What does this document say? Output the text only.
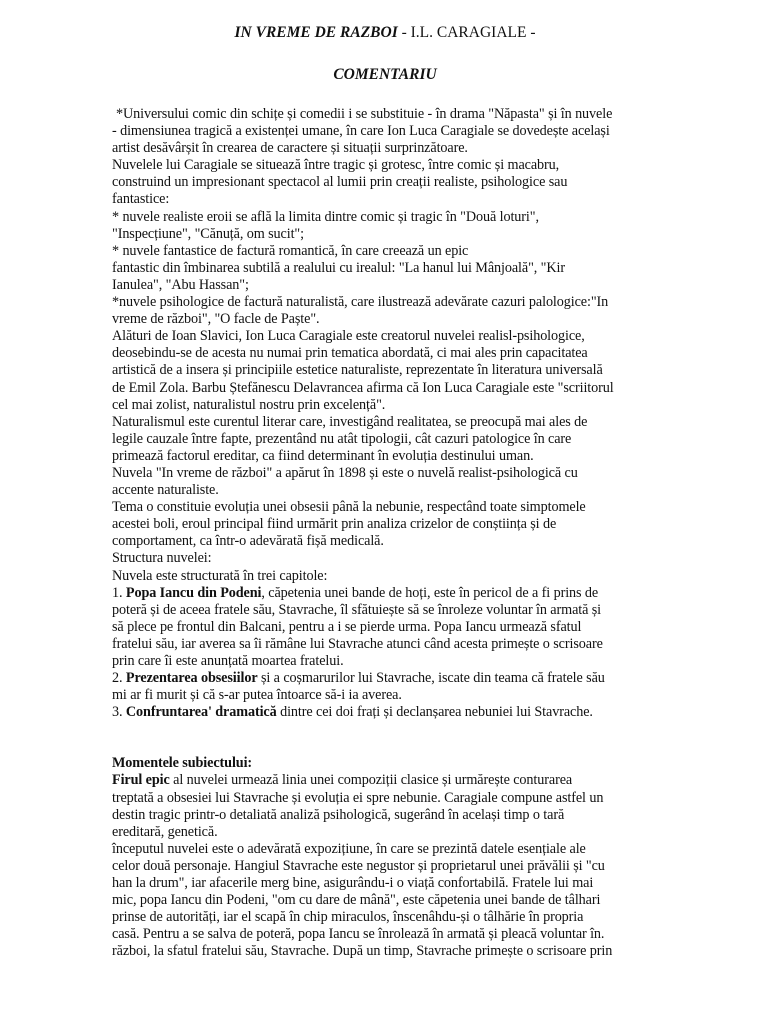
IN VREME DE RAZBOI - I.L. CARAGIALE -
COMENTARIU
*Universului comic din schițe și comedii i se substituie - în drama "Năpasta" și în nuvele
- dimensiunea tragică a existenței umane, în care Ion Luca Caragiale se dovedește același
artist desăvârșit în crearea de caractere și situații surprinzătoare.
Nuvelele lui Caragiale se situează între tragic și grotesc, între comic și macabru,
construind un impresionant spectacol al lumii prin creații realiste, psihologice sau
fantastice:
* nuvele realiste eroii se află la limita dintre comic și tragic în "Două loturi",
"Inspecțiune", "Cănuță, om sucit";
* nuvele fantastice de factură romantică, în care creează un epic
fantastic din îmbinarea subtilă a realului cu irealul: "La hanul lui Mânjoală", "Kir
Ianulea", "Abu Hassan";
*nuvele psihologice de factură naturalistă, care ilustrează adevărate cazuri palologice:"In
vreme de război", "O facle de Paște".
Alături de Ioan Slavici, Ion Luca Caragiale este creatorul nuvelei realisl-psihologice,
deosebindu-se de acesta nu numai prin tematica abordată, ci mai ales prin capacitatea
artistică de a insera și principiile estetice naturaliste, reprezentate în literatura universală
de Emil Zola. Barbu Ștefănescu Delavrancea afirma că Ion Luca Caragiale este "scriitorul
cel mai zolist, naturalistul nostru prin excelență".
Naturalismul este curentul literar care, investigând realitatea, se preocupă mai ales de
legile cauzale între fapte, prezentând nu atât tipologii, cât cazuri patologice în care
primează factorul ereditar, ca fiind determinant în evoluția destinului uman.
Nuvela "In vreme de război" a apărut în 1898 și este o nuvelă realist-psihologică cu
accente naturaliste.
Tema o constituie evoluția unei obsesii până la nebunie, respectând toate simptomele
acestei boli, eroul principal fiind urmărit prin analiza crizelor de conștiința și de
comportament, ca într-o adevărată fișă medicală.
Structura nuvelei:
Nuvela este structurată în trei capitole:
1. Popa Iancu din Podeni, căpetenia unei bande de hoți, este în pericol de a fi prins de
poteră și de aceea fratele său, Stavrache, îl sfătuiește să se înroleze voluntar în armată și
să plece pe frontul din Balcani, pentru a i se pierde urma. Popa Iancu urmează sfatul
fratelui său, iar averea sa îi rămâne lui Stavrache atunci când acesta primește o scrisoare
prin care îi este anunțată moartea fratelui.
2. Prezentarea obsesiilor și a coșmarurilor lui Stavrache, iscate din teama că fratele său
mi ar fi murit și că s-ar putea întoarce să-i ia averea.
3. Confruntarea' dramatică dintre cei doi frați și declanșarea nebuniei lui Stavrache.
Momentele subiectului:
Firul epic al nuvelei urmează linia unei compoziții clasice și urmărește conturarea
treptată a obsesiei lui Stavrache și evoluția ei spre nebunie. Caragiale compune astfel un
destin tragic printr-o detaliată analiză psihologică, sugerând în același timp o tară
ereditară, genetică.
începutul nuvelei este o adevărată expozițiune, în care se prezintă datele esențiale ale
celor două personaje. Hangiul Stavrache este negustor și proprietarul unei prăvălii și "cu
han la drum", iar afacerile merg bine, asigurându-i o viață confortabilă. Fratele lui mai
mic, popa Iancu din Podeni, "om cu dare de mână", este căpetenia unei bande de tâlhari
prinse de autorități, iar el scapă în chip miraculos, înscenâhdu-și o tâlhărie în propria
casă. Pentru a se salva de poteră, popa Iancu se înrolează în armată și pleacă voluntar în.
război, la sfatul fratelui său, Stavrache. După un timp, Stavrache primește o scrisoare prin
